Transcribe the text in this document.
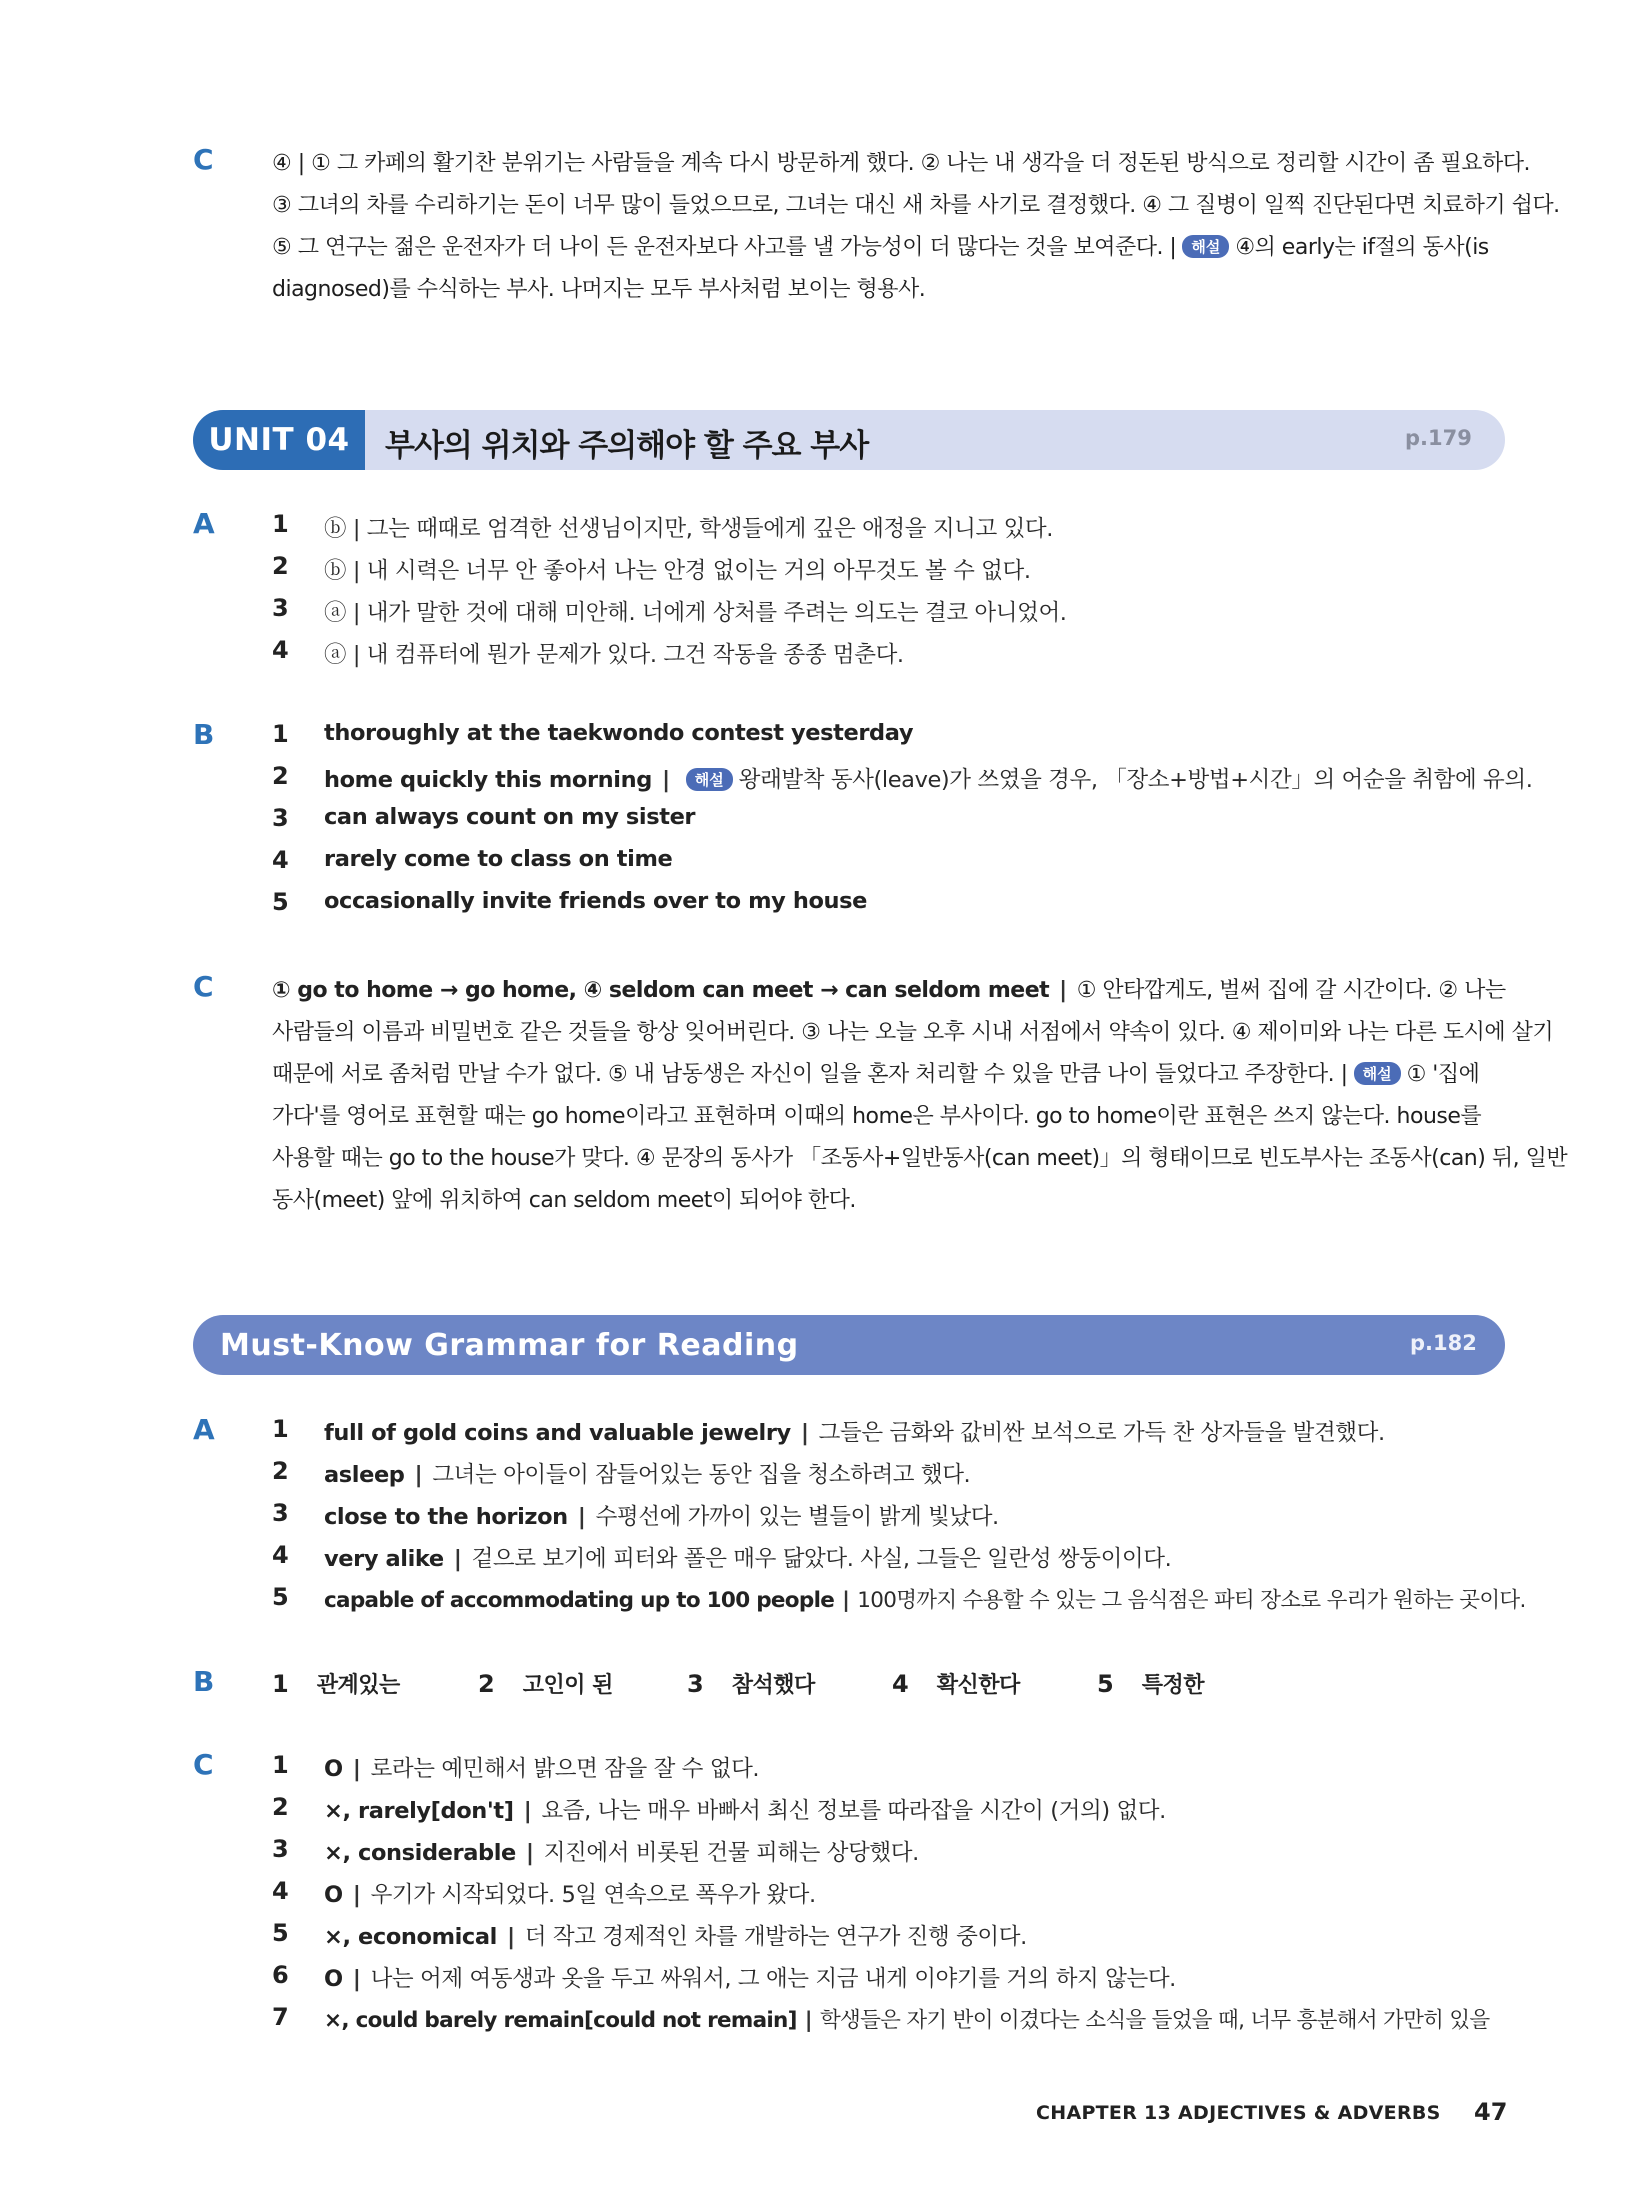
C	④ | ① 그 카페의 활기찬 분위기는 사람들을 계속 다시 방문하게 했다. ② 나는 내 생각을 더 정돈된 방식으로 정리할 시간이 좀 필요하다.
③ 그녀의 차를 수리하기는 돈이 너무 많이 들었으므로, 그녀는 대신 새 차를 사기로 결정했다. ④ 그 질병이 일찍 진단된다면 치료하기 쉽다.
⑤ 그 연구는 젊은 운전자가 더 나이 든 운전자보다 사고를 낼 가능성이 더 많다는 것을 보여준다. | 해설 ④의 early는 if절의 동사(is
diagnosed)를 수식하는 부사. 나머지는 모두 부사처럼 보이는 형용사.
UNIT 04	부사의 위치와 주의해야 할 주요 부사	p.179
A 1 ⓑ | 그는 때때로 엄격한 선생님이지만, 학생들에게 깊은 애정을 지니고 있다.
2 ⓑ | 내 시력은 너무 안 좋아서 나는 안경 없이는 거의 아무것도 볼 수 없다.
3 ⓐ | 내가 말한 것에 대해 미안해. 너에게 상처를 주려는 의도는 결코 아니었어.
4 ⓐ | 내 컴퓨터에 뭔가 문제가 있다. 그건 작동을 종종 멈춘다.
B 1 thoroughly at the taekwondo contest yesterday
2 home quickly this morning | 해설 왕래발착 동사(leave)가 쓰였을 경우, 「장소+방법+시간」의 어순을 취함에 유의.
3 can always count on my sister
4 rarely come to class on time
5 occasionally invite friends over to my house
C	① go to home → go home, ④ seldom can meet → can seldom meet | ① 안타깝게도, 벌써 집에 갈 시간이다. ② 나는
사람들의 이름과 비밀번호 같은 것들을 항상 잊어버린다. ③ 나는 오늘 오후 시내 서점에서 약속이 있다. ④ 제이미와 나는 다른 도시에 살기
때문에 서로 좀처럼 만날 수가 없다. ⑤ 내 남동생은 자신이 일을 혼자 처리할 수 있을 만큼 나이 들었다고 주장한다. | 해설 ① '집에
가다'를 영어로 표현할 때는 go home이라고 표현하며 이때의 home은 부사이다. go to home이란 표현은 쓰지 않는다. house를
사용할 때는 go to the house가 맞다. ④ 문장의 동사가 「조동사+일반동사(can meet)」의 형태이므로 빈도부사는 조동사(can) 뒤, 일반
동사(meet) 앞에 위치하여 can seldom meet이 되어야 한다.
Must-Know Grammar for Reading	p.182
A 1 full of gold coins and valuable jewelry | 그들은 금화와 값비싼 보석으로 가득 찬 상자들을 발견했다.
2 asleep | 그녀는 아이들이 잠들어있는 동안 집을 청소하려고 했다.
3 close to the horizon | 수평선에 가까이 있는 별들이 밝게 빛났다.
4 very alike | 겉으로 보기에 피터와 폴은 매우 닮았다. 사실, 그들은 일란성 쌍둥이이다.
5 capable of accommodating up to 100 people | 100명까지 수용할 수 있는 그 음식점은 파티 장소로 우리가 원하는 곳이다.
B 1 관계있는	2 고인이 된	3 참석했다	4 확신한다	5 특정한
C 1 O | 로라는 예민해서 밝으면 잠을 잘 수 없다.
2 ×, rarely[don't] | 요즘, 나는 매우 바빠서 최신 정보를 따라잡을 시간이 (거의) 없다.
3 ×, considerable | 지진에서 비롯된 건물 피해는 상당했다.
4 O | 우기가 시작되었다. 5일 연속으로 폭우가 왔다.
5 ×, economical | 더 작고 경제적인 차를 개발하는 연구가 진행 중이다.
6 O | 나는 어제 여동생과 옷을 두고 싸워서, 그 애는 지금 내게 이야기를 거의 하지 않는다.
7 ×, could barely remain[could not remain] | 학생들은 자기 반이 이겼다는 소식을 들었을 때, 너무 흥분해서 가만히 있을
CHAPTER 13 ADJECTIVES & ADVERBS 47
